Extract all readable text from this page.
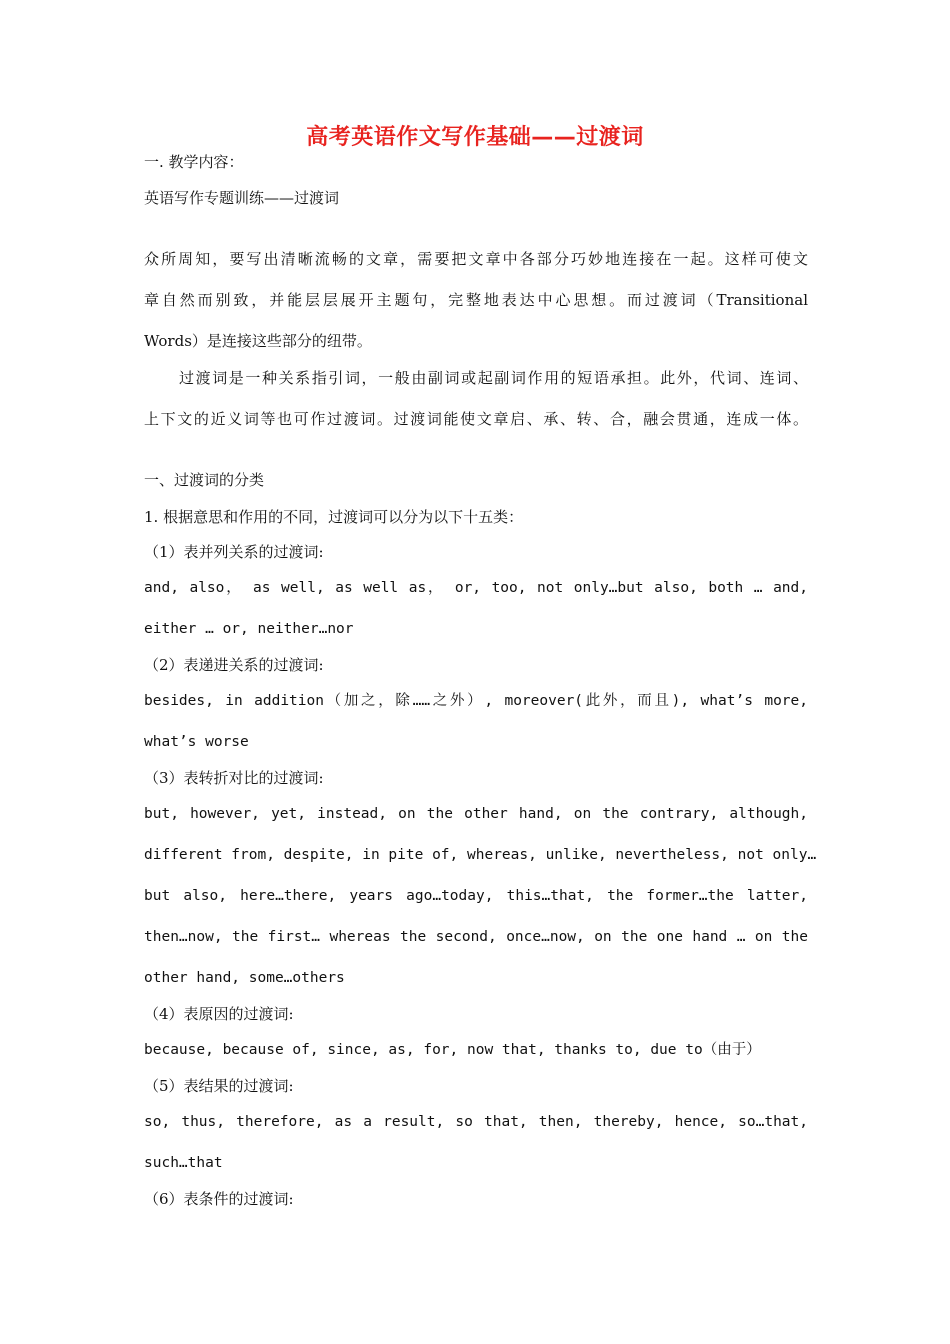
高考英语作文写作基础——过渡词
一. 教学内容：
英语写作专题训练——过渡词
众所周知，要写出清晰流畅的文章，需要把文章中各部分巧妙地连接在一起。这样可使文
章自然而别致，并能层层展开主题句，完整地表达中心思想。而过渡词（Transitional
Words）是连接这些部分的纽带。
过渡词是一种关系指引词，一般由副词或起副词作用的短语承担。此外，代词、连词、
上下文的近义词等也可作过渡词。过渡词能使文章启、承、转、合，融会贯通，连成一体。
一、过渡词的分类
1. 根据意思和作用的不同，过渡词可以分为以下十五类：
（1）表并列关系的过渡词:
and, also， as well, as well as， or, too, not only…but also, both … and,
either … or, neither…nor
（2）表递进关系的过渡词:
besides, in addition（加之，除……之外）, moreover(此外，而且), what’s more,
what’s worse
（3）表转折对比的过渡词:
but, however, yet, instead, on the other hand, on the contrary, although,
different from, despite, in pite of, whereas, unlike, nevertheless, not only…
but also, here…there, years ago…today, this…that, the former…the latter,
then…now, the first… whereas the second, once…now, on the one hand … on the
other hand, some…others
（4）表原因的过渡词:
because, because of, since, as, for, now that, thanks to, due to（由于）
（5）表结果的过渡词:
so, thus, therefore, as a result, so that, then, thereby, hence, so…that,
such…that
（6）表条件的过渡词:
